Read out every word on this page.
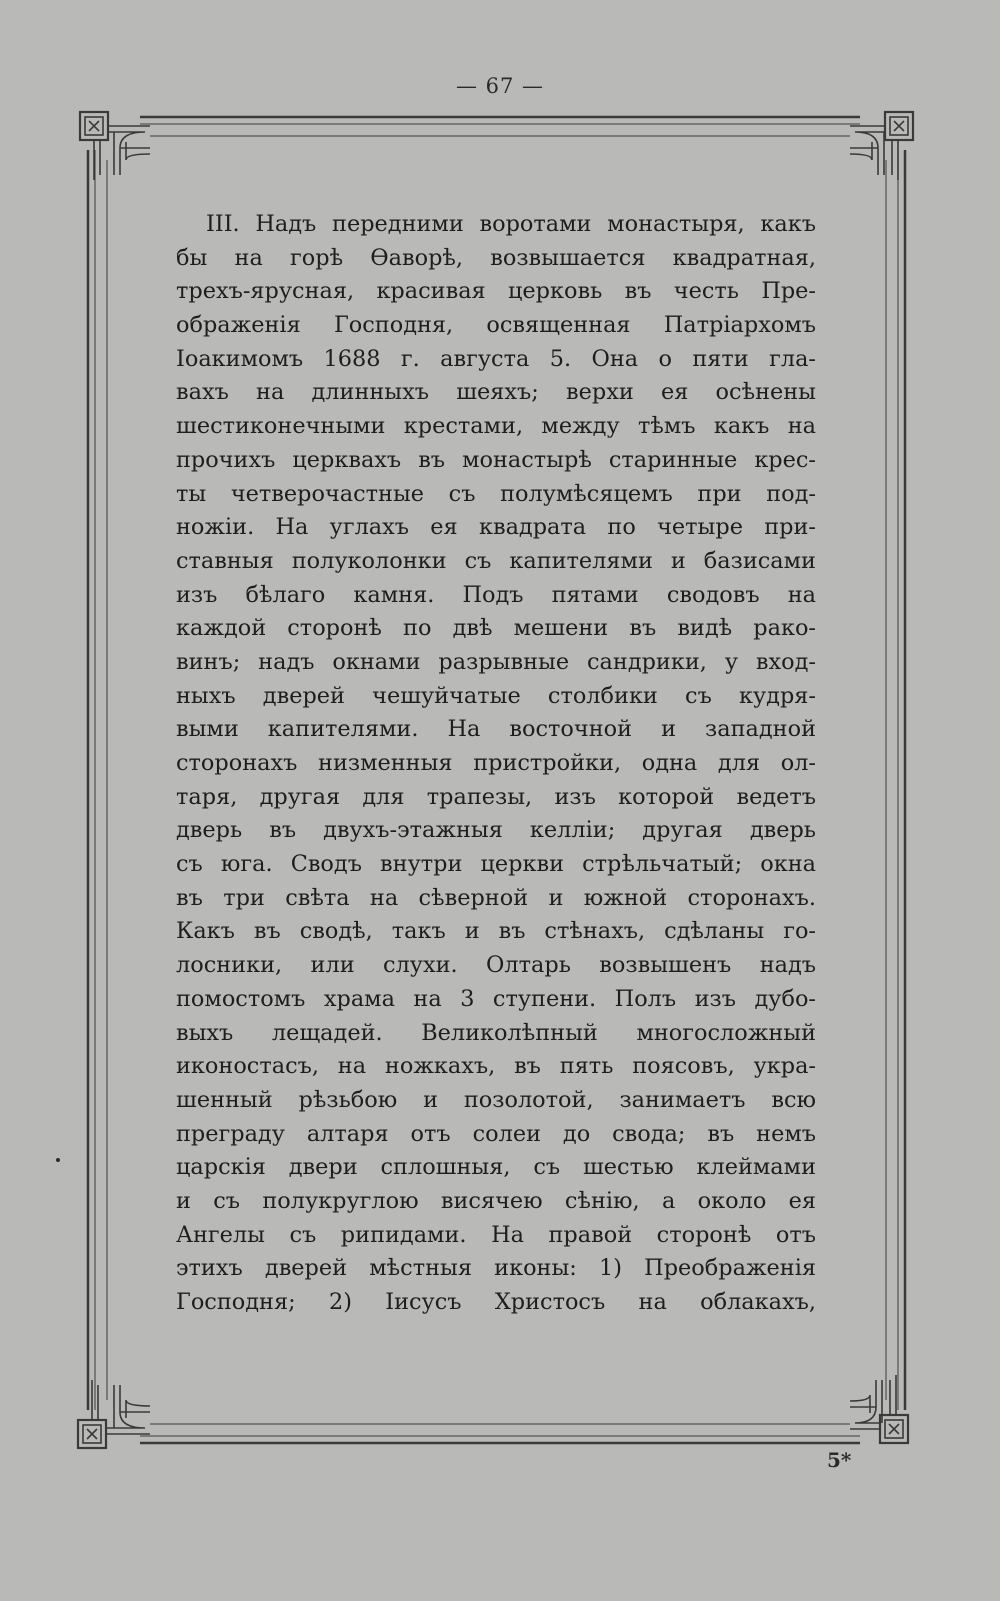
— 67 —
III. Надъ передними воротами монастыря, какъ
бы на горѣ Ѳаворѣ, возвышается квадратная,
трехъ-ярусная, красивая церковь въ честь Пре-
ображенія Господня, освященная Патріархомъ
Іоакимомъ 1688 г. августа 5. Она о пяти гла-
вахъ на длинныхъ шеяхъ; верхи ея осѣнены
шестиконечными крестами, между тѣмъ какъ на
прочихъ церквахъ въ монастырѣ старинные крес-
ты четверочастные съ полумѣсяцемъ при под-
ножіи. На углахъ ея квадрата по четыре при-
ставныя полуколонки съ капителями и базисами
изъ бѣлаго камня. Подъ пятами сводовъ на
каждой сторонѣ по двѣ мешени въ видѣ рако-
винъ; надъ окнами разрывные сандрики, у вход-
ныхъ дверей чешуйчатые столбики съ кудря-
выми капителями. На восточной и западной
сторонахъ низменныя пристройки, одна для ол-
таря, другая для трапезы, изъ которой ведетъ
дверь въ двухъ-этажныя келліи; другая дверь
съ юга. Сводъ внутри церкви стрѣльчатый; окна
въ три свѣта на сѣверной и южной сторонахъ.
Какъ въ сводѣ, такъ и въ стѣнахъ, сдѣланы го-
лосники, или слухи. Олтарь возвышенъ надъ
помостомъ храма на 3 ступени. Полъ изъ дубо-
выхъ лещадей. Великолѣпный многосложный
иконостасъ, на ножкахъ, въ пять поясовъ, укра-
шенный рѣзьбою и позолотой, занимаетъ всю
преграду алтаря отъ солеи до свода; въ немъ
царскія двери сплошныя, съ шестью клеймами
и съ полукруглою висячею сѣнію, а около ея
Ангелы съ рипидами. На правой сторонѣ отъ
этихъ дверей мѣстныя иконы: 1) Преображенія
Господня; 2) Іисусъ Христосъ на облакахъ,
5*
